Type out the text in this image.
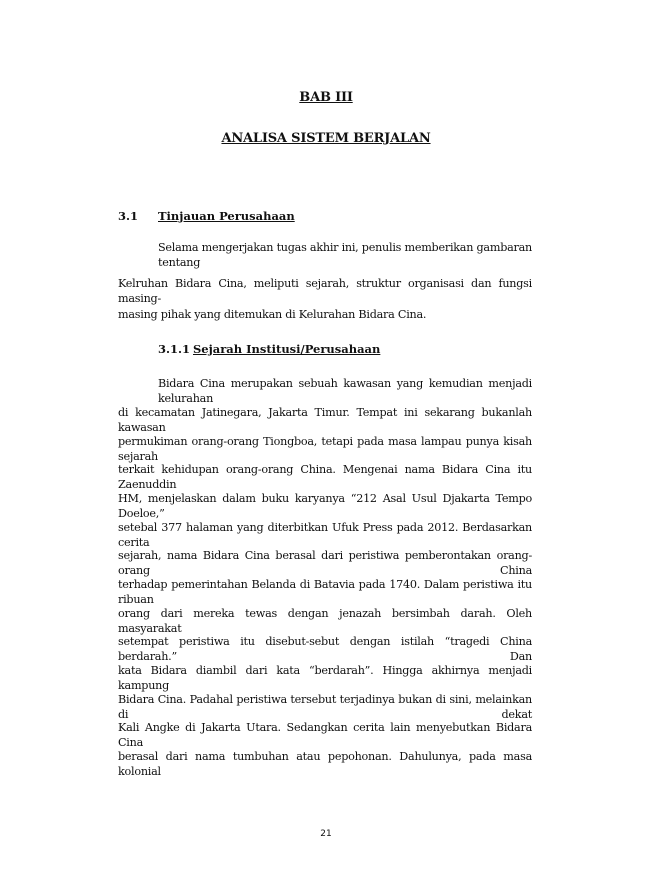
BAB III
ANALISA SISTEM BERJALAN
3.1 Tinjauan Perusahaan
Selama mengerjakan tugas akhir ini, penulis memberikan gambaran tentang
Kelruhan Bidara Cina, meliputi sejarah, struktur organisasi dan fungsi masing-
masing pihak yang ditemukan di Kelurahan Bidara Cina.
3.1.1 Sejarah Institusi/Perusahaan
Bidara Cina merupakan sebuah kawasan yang kemudian menjadi kelurahan
di kecamatan Jatinegara, Jakarta Timur. Tempat ini sekarang bukanlah kawasan
permukiman orang-orang Tiongboa, tetapi pada masa lampau punya kisah sejarah
terkait kehidupan orang-orang China. Mengenai nama Bidara Cina itu Zaenuddin
HM, menjelaskan dalam buku karyanya “212 Asal Usul Djakarta Tempo Doeloe,”
setebal 377 halaman yang diterbitkan Ufuk Press pada 2012. Berdasarkan cerita
sejarah, nama Bidara Cina berasal dari peristiwa pemberontakan orang-orang China
terhadap pemerintahan Belanda di Batavia pada 1740. Dalam peristiwa itu ribuan
orang dari mereka tewas dengan jenazah bersimbah darah. Oleh masyarakat
setempat peristiwa itu disebut-sebut dengan istilah “tragedi China berdarah.” Dan
kata Bidara diambil dari kata “berdarah”. Hingga akhirnya menjadi kampung
Bidara Cina. Padahal peristiwa tersebut terjadinya bukan di sini, melainkan di dekat
Kali Angke di Jakarta Utara. Sedangkan cerita lain menyebutkan Bidara Cina
berasal dari nama tumbuhan atau pepohonan. Dahulunya, pada masa kolonial
21
